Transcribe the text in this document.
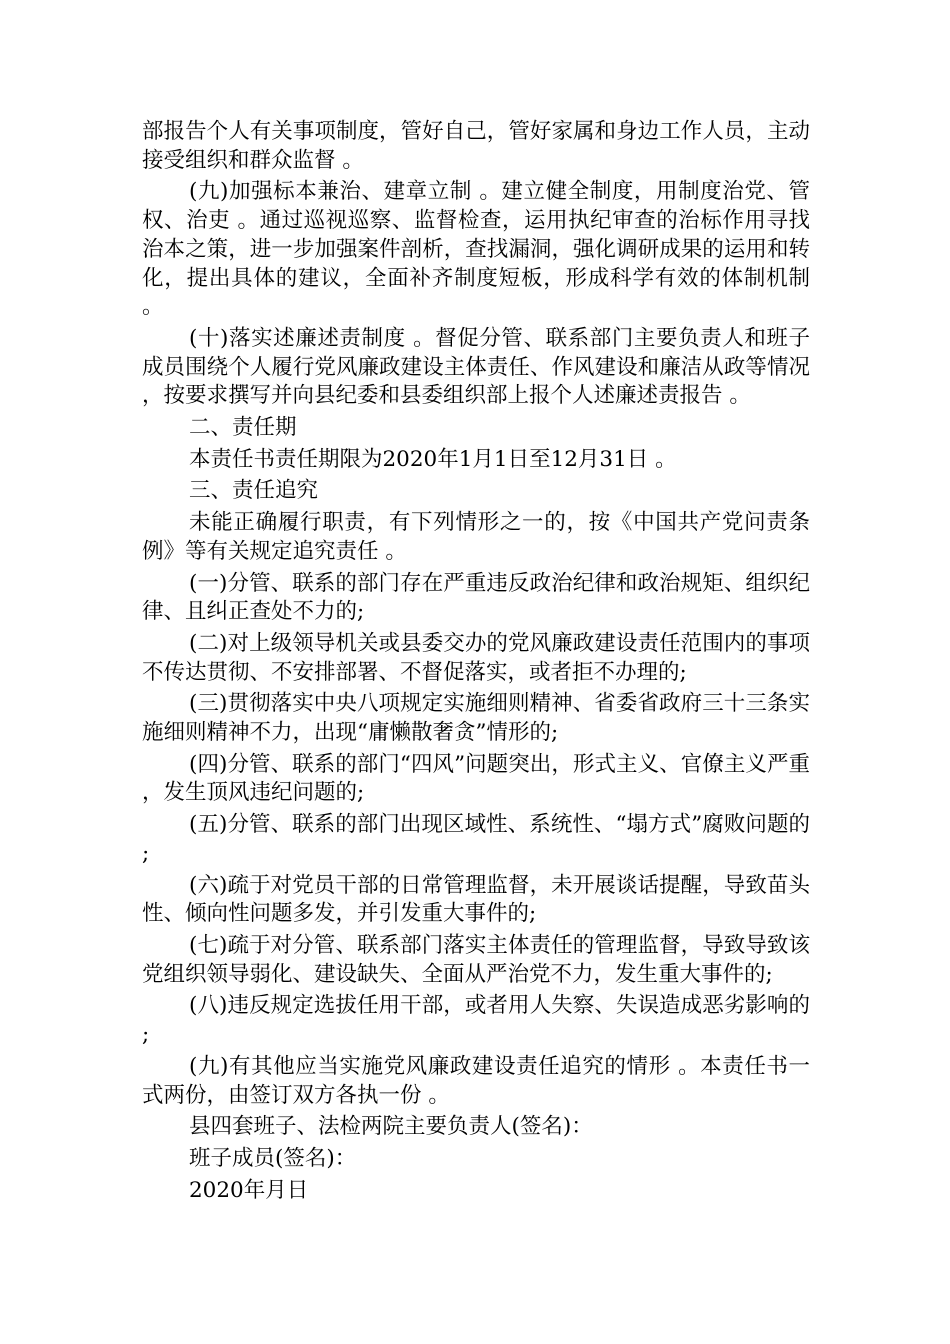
部报告个人有关事项制度，管好自己，管好家属和身边工作人员，主动接受组织和群众监督 。

(九)加强标本兼治、建章立制 。建立健全制度，用制度治党、管权、治吏 。通过巡视巡察、监督检查，运用执纪审查的治标作用寻找治本之策，进一步加强案件剖析，查找漏洞，强化调研成果的运用和转化，提出具体的建议，全面补齐制度短板，形成科学有效的体制机制 。

(十)落实述廉述责制度 。督促分管、联系部门主要负责人和班子成员围绕个人履行党风廉政建设主体责任、作风建设和廉洁从政等情况，按要求撰写并向县纪委和县委组织部上报个人述廉述责报告 。

二、责任期

本责任书责任期限为2020年1月1日至12月31日 。

三、责任追究

未能正确履行职责，有下列情形之一的，按《中国共产党问责条例》等有关规定追究责任 。

(一)分管、联系的部门存在严重违反政治纪律和政治规矩、组织纪律、且纠正查处不力的;

(二)对上级领导机关或县委交办的党风廉政建设责任范围内的事项不传达贯彻、不安排部署、不督促落实，或者拒不办理的;

(三)贯彻落实中央八项规定实施细则精神、省委省政府三十三条实施细则精神不力，出现“庸懒散奢贪”情形的;

(四)分管、联系的部门“四风”问题突出，形式主义、官僚主义严重，发生顶风违纪问题的;

(五)分管、联系的部门出现区域性、系统性、“塌方式”腐败问题的;

(六)疏于对党员干部的日常管理监督，未开展谈话提醒，导致苗头性、倾向性问题多发，并引发重大事件的;

(七)疏于对分管、联系部门落实主体责任的管理监督，导致导致该党组织领导弱化、建设缺失、全面从严治党不力，发生重大事件的;

(八)违反规定选拔任用干部，或者用人失察、失误造成恶劣影响的;

(九)有其他应当实施党风廉政建设责任追究的情形 。本责任书一式两份，由签订双方各执一份 。

县四套班子、法检两院主要负责人(签名)：

班子成员(签名)：

2020年月日
